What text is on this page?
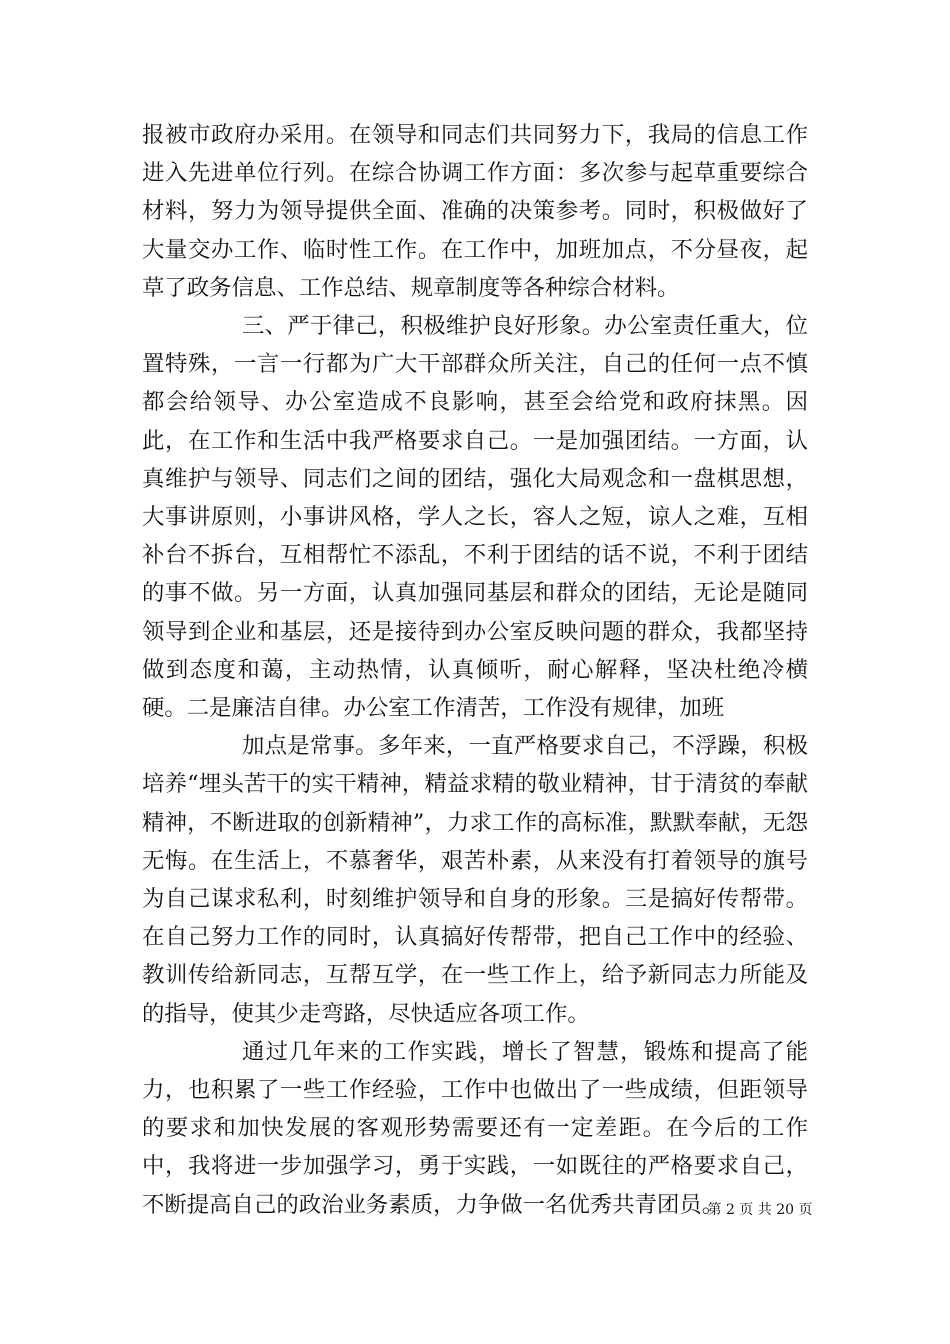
报被市政府办采用。在领导和同志们共同努力下，我局的信息工作进入先进单位行列。在综合协调工作方面：多次参与起草重要综合材料，努力为领导提供全面、准确的决策参考。同时，积极做好了大量交办工作、临时性工作。在工作中，加班加点，不分昼夜，起草了政务信息、工作总结、规章制度等各种综合材料。

三、严于律己，积极维护良好形象。办公室责任重大，位置特殊，一言一行都为广大干部群众所关注，自己的任何一点不慎都会给领导、办公室造成不良影响，甚至会给党和政府抹黑。因此，在工作和生活中我严格要求自己。一是加强团结。一方面，认真维护与领导、同志们之间的团结，强化大局观念和一盘棋思想，大事讲原则，小事讲风格，学人之长，容人之短，谅人之难，互相补台不拆台，互相帮忙不添乱，不利于团结的话不说，不利于团结的事不做。另一方面，认真加强同基层和群众的团结，无论是随同领导到企业和基层，还是接待到办公室反映问题的群众，我都坚持做到态度和蔼，主动热情，认真倾听，耐心解释，坚决杜绝冷横硬。二是廉洁自律。办公室工作清苦，工作没有规律，加班

加点是常事。多年来，一直严格要求自己，不浮躁，积极培养“埋头苦干的实干精神，精益求精的敬业精神，甘于清贫的奉献精神，不断进取的创新精神”，力求工作的高标准，默默奉献，无怨无悔。在生活上，不慕奢华，艰苦朴素，从来没有打着领导的旗号为自己谋求私利，时刻维护领导和自身的形象。三是搞好传帮带。在自己努力工作的同时，认真搞好传帮带，把自己工作中的经验、教训传给新同志，互帮互学，在一些工作上，给予新同志力所能及的指导，使其少走弯路，尽快适应各项工作。

通过几年来的工作实践，增长了智慧，锻炼和提高了能力，也积累了一些工作经验，工作中也做出了一些成绩，但距领导的要求和加快发展的客观形势需要还有一定差距。在今后的工作中，我将进一步加强学习，勇于实践，一如既往的严格要求自己，不断提高自己的政治业务素质，力争做一名优秀共青团员。

第 2 页 共 20 页
